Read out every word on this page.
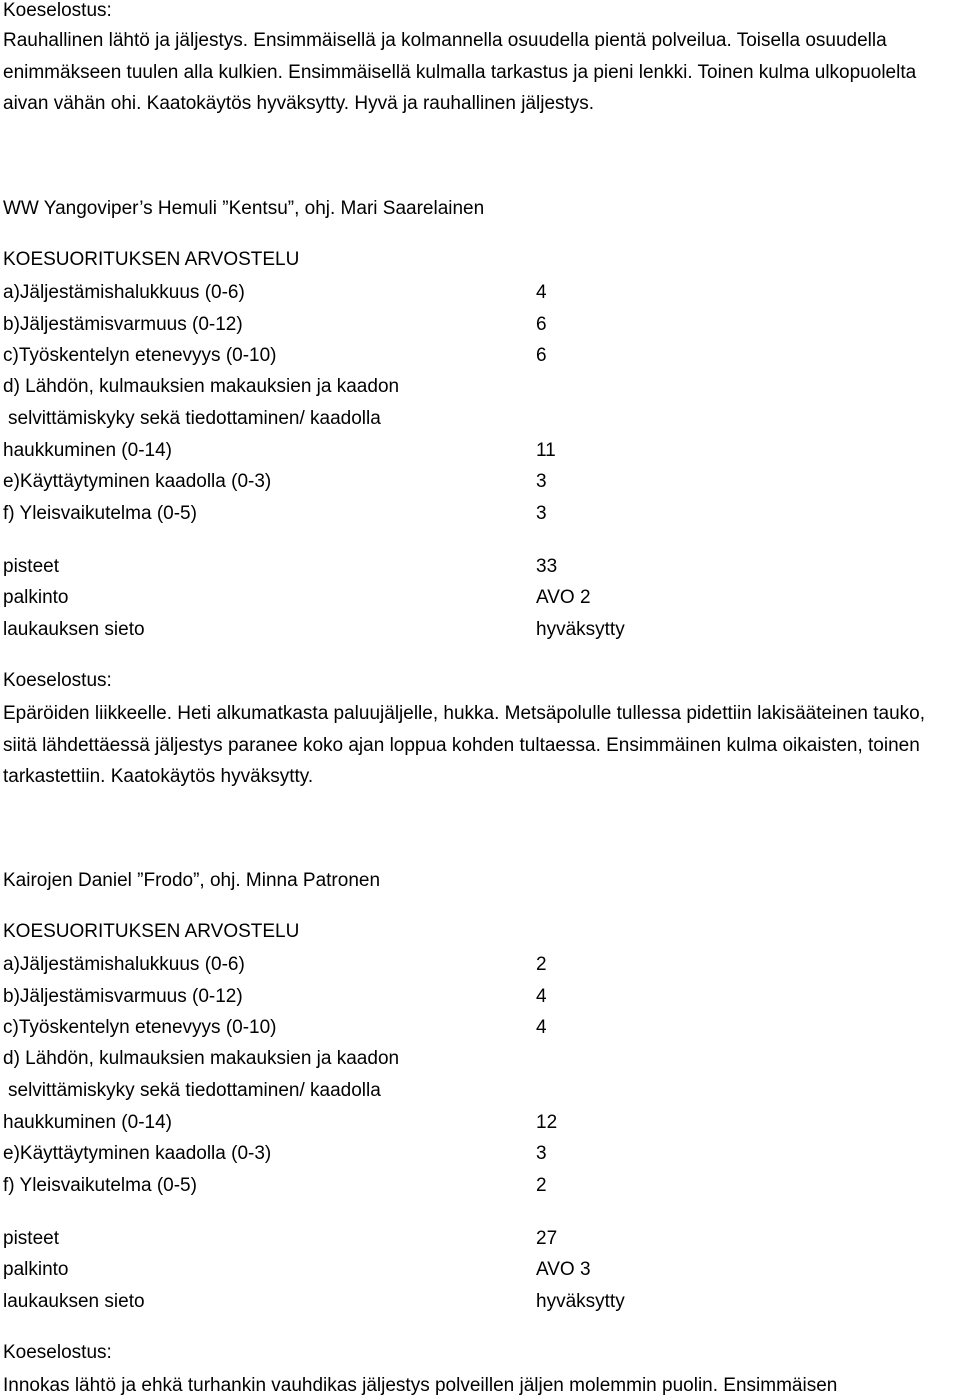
Koeselostus:
Rauhallinen lähtö ja jäljestys. Ensimmäisellä ja kolmannella osuudella pientä polveilua. Toisella osuudella enimmäkseen tuulen alla kulkien. Ensimmäisellä kulmalla tarkastus ja pieni lenkki. Toinen kulma ulkopuolelta aivan vähän ohi. Kaatokäytös hyväksytty. Hyvä ja rauhallinen jäljestys.
WW Yangoviper’s Hemuli ”Kentsu”, ohj. Mari Saarelainen
KOESUORITUKSEN ARVOSTELU
a)Jäljestämishalukkuus (0-6)	4
b)Jäljestämisvarmuus (0-12)	6
c)Työskentelyn etenevyys (0-10)	6
d) Lähdön, kulmauksien makauksien ja kaadon
selvittämiskyky sekä tiedottaminen/ kaadolla
haukkuminen (0-14)	11
e)Käyttäytyminen kaadolla (0-3)	3
f) Yleisvaikutelma (0-5)	3
pisteet	33
palkinto	AVO 2
laukauksen sieto	hyväksytty
Koeselostus:
Epäröiden liikkeelle. Heti alkumatkasta paluujäljelle, hukka. Metsäpolulle tullessa pidettiin lakisääteinen tauko, siitä lähdettäessä jäljestys paranee koko ajan loppua kohden tultaessa. Ensimmäinen kulma oikaisten, toinen tarkastettiin. Kaatokäytös hyväksytty.
Kairojen Daniel ”Frodo”, ohj. Minna Patronen
KOESUORITUKSEN ARVOSTELU
a)Jäljestämishalukkuus (0-6)	2
b)Jäljestämisvarmuus (0-12)	4
c)Työskentelyn etenevyys (0-10)	4
d) Lähdön, kulmauksien makauksien ja kaadon
selvittämiskyky sekä tiedottaminen/ kaadolla
haukkuminen (0-14)	12
e)Käyttäytyminen kaadolla (0-3)	3
f) Yleisvaikutelma (0-5)	2
pisteet	27
palkinto	AVO 3
laukauksen sieto	hyväksytty
Koeselostus:
Innokas lähtö ja ehkä turhankin vauhdikas jäljestys polveillen jäljen molemmin puolin. Ensimmäisen
